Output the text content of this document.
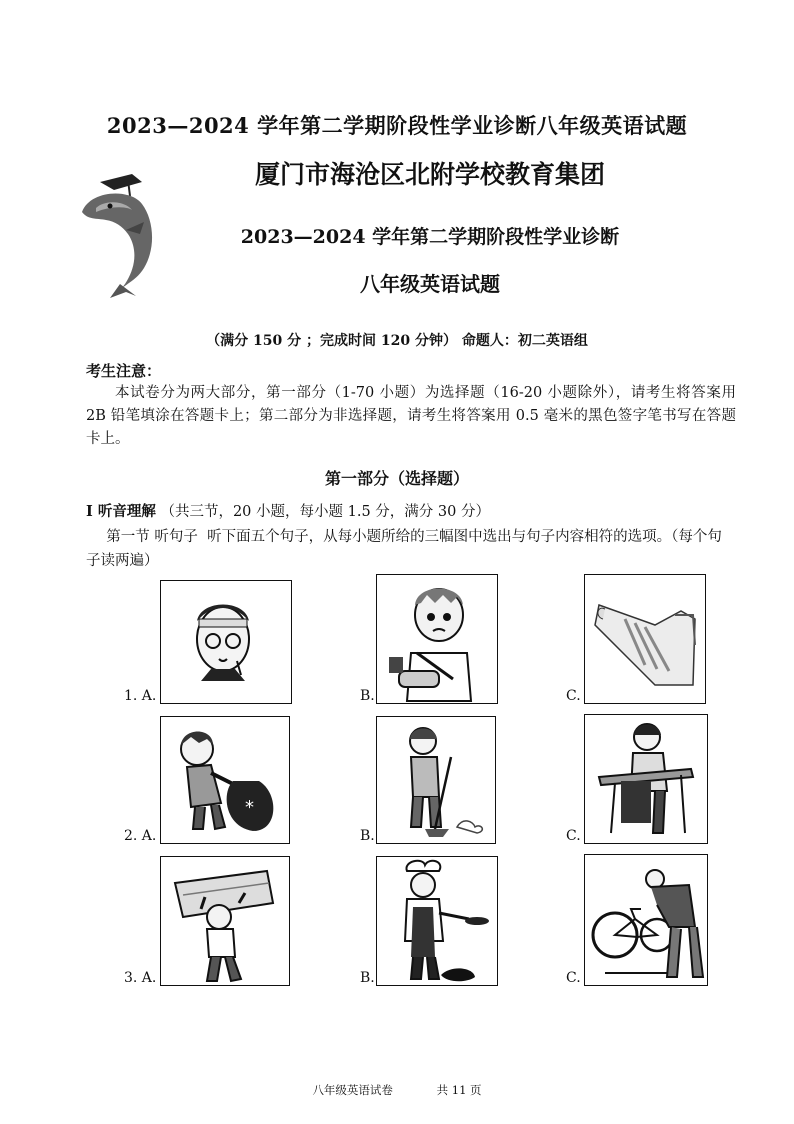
2023—2024 学年第二学期阶段性学业诊断八年级英语试题
厦门市海沧区北附学校教育集团
2023—2024 学年第二学期阶段性学业诊断
八年级英语试题
（满分 150 分 ；完成时间 120 分钟） 命题人：初二英语组
考生注意：
本试卷分为两大部分，第一部分（1-70 小题）为选择题（16-20 小题除外），请考生将答案用 2B 铅笔填涂在答题卡上；第二部分为非选择题，请考生将答案用 0.5 毫米的黑色签字笔书写在答题卡上。
第一部分（选择题）
I 听音理解 （共三节，20 小题，每小题 1.5 分，满分 30 分）
第一节 听句子 听下面五个句子，从每小题所给的三幅图中选出与句子内容相符的选项。（每个句子读两遍）
1. A.	B.	C.
2. A.
*
B.	C.
3. A.	B.	C.
八年级英语试卷	共 11 页
